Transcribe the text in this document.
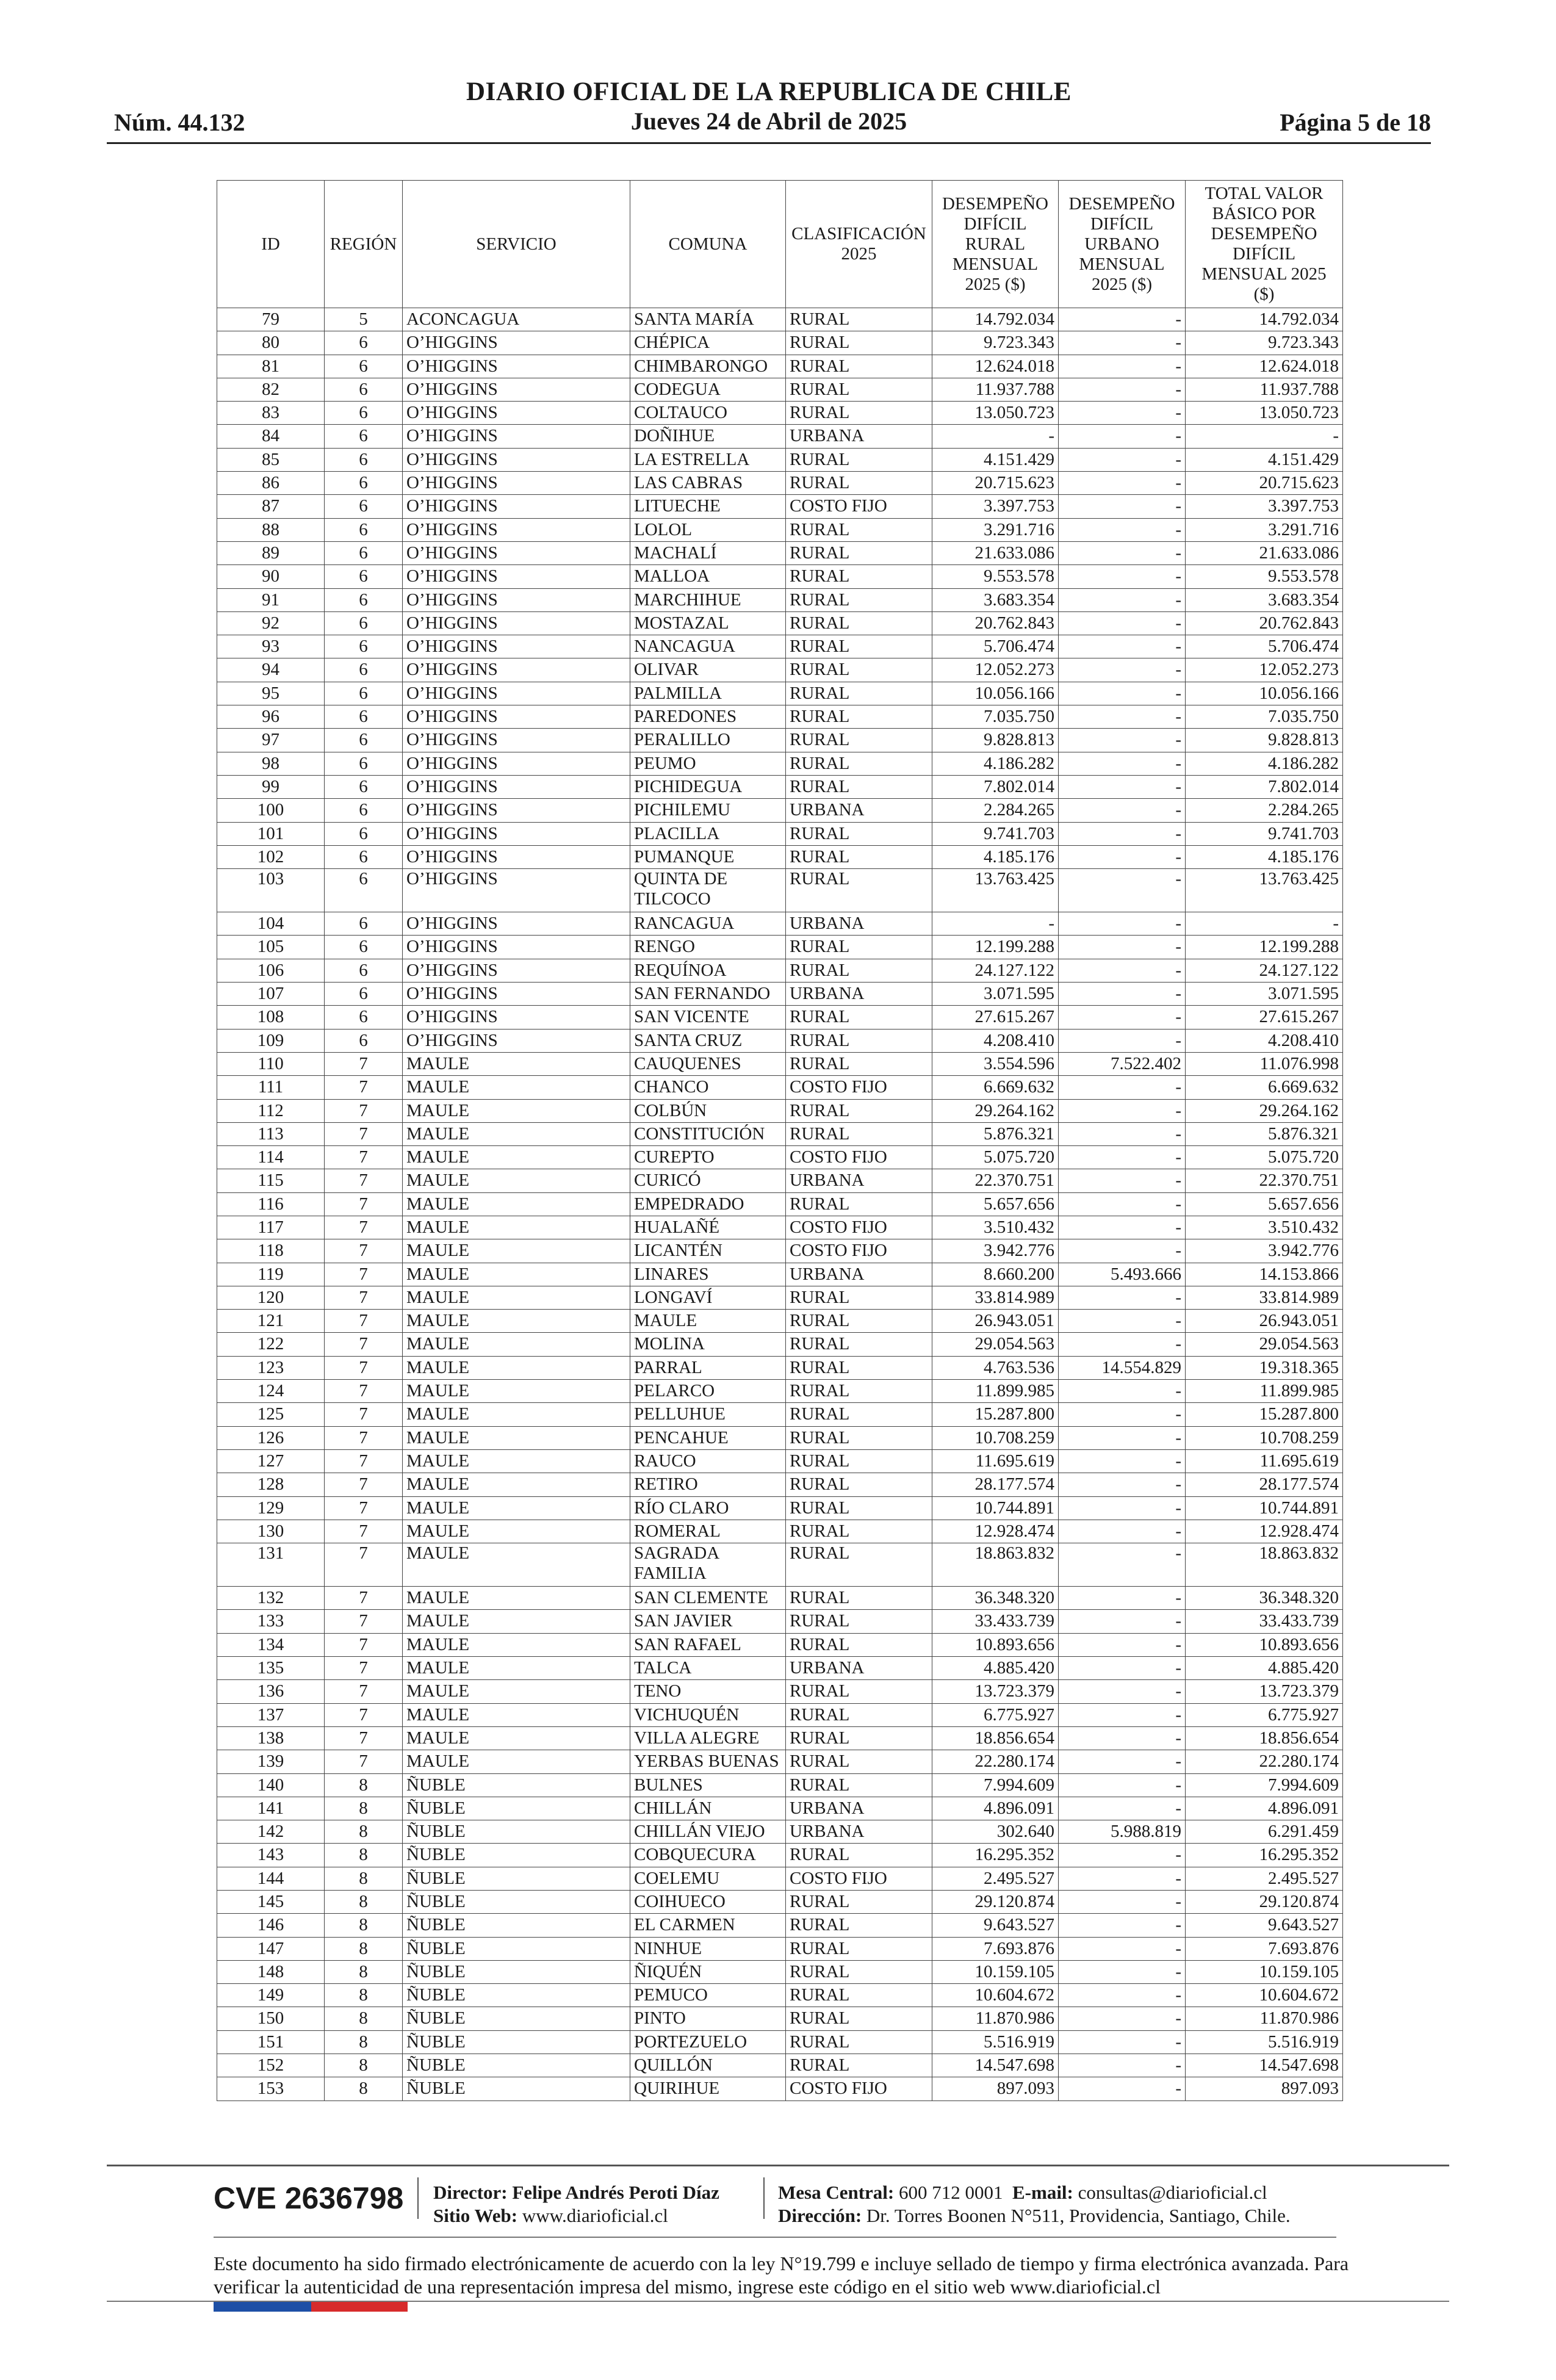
DIARIO OFICIAL DE LA REPUBLICA DE CHILE
Jueves 24 de Abril de 2025
Núm. 44.132	Página 5 de 18
ID	REGIÓN	SERVICIO	COMUNA	CLASIFICACIÓN 2025	DESEMPEÑO DIFÍCIL RURAL MENSUAL 2025 ($)	DESEMPEÑO DIFÍCIL URBANO MENSUAL 2025 ($)	TOTAL VALOR BÁSICO POR DESEMPEÑO DIFÍCIL MENSUAL 2025 ($)
79	5	ACONCAGUA	SANTA MARÍA	RURAL	14.792.034	-	14.792.034
80	6	O’HIGGINS	CHÉPICA	RURAL	9.723.343	-	9.723.343
81	6	O’HIGGINS	CHIMBARONGO	RURAL	12.624.018	-	12.624.018
82	6	O’HIGGINS	CODEGUA	RURAL	11.937.788	-	11.937.788
83	6	O’HIGGINS	COLTAUCO	RURAL	13.050.723	-	13.050.723
84	6	O’HIGGINS	DOÑIHUE	URBANA	-	-	-
85	6	O’HIGGINS	LA ESTRELLA	RURAL	4.151.429	-	4.151.429
86	6	O’HIGGINS	LAS CABRAS	RURAL	20.715.623	-	20.715.623
87	6	O’HIGGINS	LITUECHE	COSTO FIJO	3.397.753	-	3.397.753
88	6	O’HIGGINS	LOLOL	RURAL	3.291.716	-	3.291.716
89	6	O’HIGGINS	MACHALÍ	RURAL	21.633.086	-	21.633.086
90	6	O’HIGGINS	MALLOA	RURAL	9.553.578	-	9.553.578
91	6	O’HIGGINS	MARCHIHUE	RURAL	3.683.354	-	3.683.354
92	6	O’HIGGINS	MOSTAZAL	RURAL	20.762.843	-	20.762.843
93	6	O’HIGGINS	NANCAGUA	RURAL	5.706.474	-	5.706.474
94	6	O’HIGGINS	OLIVAR	RURAL	12.052.273	-	12.052.273
95	6	O’HIGGINS	PALMILLA	RURAL	10.056.166	-	10.056.166
96	6	O’HIGGINS	PAREDONES	RURAL	7.035.750	-	7.035.750
97	6	O’HIGGINS	PERALILLO	RURAL	9.828.813	-	9.828.813
98	6	O’HIGGINS	PEUMO	RURAL	4.186.282	-	4.186.282
99	6	O’HIGGINS	PICHIDEGUA	RURAL	7.802.014	-	7.802.014
100	6	O’HIGGINS	PICHILEMU	URBANA	2.284.265	-	2.284.265
101	6	O’HIGGINS	PLACILLA	RURAL	9.741.703	-	9.741.703
102	6	O’HIGGINS	PUMANQUE	RURAL	4.185.176	-	4.185.176
103	6	O’HIGGINS	QUINTA DE TILCOCO	RURAL	13.763.425	-	13.763.425
104	6	O’HIGGINS	RANCAGUA	URBANA	-	-	-
105	6	O’HIGGINS	RENGO	RURAL	12.199.288	-	12.199.288
106	6	O’HIGGINS	REQUÍNOA	RURAL	24.127.122	-	24.127.122
107	6	O’HIGGINS	SAN FERNANDO	URBANA	3.071.595	-	3.071.595
108	6	O’HIGGINS	SAN VICENTE	RURAL	27.615.267	-	27.615.267
109	6	O’HIGGINS	SANTA CRUZ	RURAL	4.208.410	-	4.208.410
110	7	MAULE	CAUQUENES	RURAL	3.554.596	7.522.402	11.076.998
111	7	MAULE	CHANCO	COSTO FIJO	6.669.632	-	6.669.632
112	7	MAULE	COLBÚN	RURAL	29.264.162	-	29.264.162
113	7	MAULE	CONSTITUCIÓN	RURAL	5.876.321	-	5.876.321
114	7	MAULE	CUREPTO	COSTO FIJO	5.075.720	-	5.075.720
115	7	MAULE	CURICÓ	URBANA	22.370.751	-	22.370.751
116	7	MAULE	EMPEDRADO	RURAL	5.657.656	-	5.657.656
117	7	MAULE	HUALAÑÉ	COSTO FIJO	3.510.432	-	3.510.432
118	7	MAULE	LICANTÉN	COSTO FIJO	3.942.776	-	3.942.776
119	7	MAULE	LINARES	URBANA	8.660.200	5.493.666	14.153.866
120	7	MAULE	LONGAVÍ	RURAL	33.814.989	-	33.814.989
121	7	MAULE	MAULE	RURAL	26.943.051	-	26.943.051
122	7	MAULE	MOLINA	RURAL	29.054.563	-	29.054.563
123	7	MAULE	PARRAL	RURAL	4.763.536	14.554.829	19.318.365
124	7	MAULE	PELARCO	RURAL	11.899.985	-	11.899.985
125	7	MAULE	PELLUHUE	RURAL	15.287.800	-	15.287.800
126	7	MAULE	PENCAHUE	RURAL	10.708.259	-	10.708.259
127	7	MAULE	RAUCO	RURAL	11.695.619	-	11.695.619
128	7	MAULE	RETIRO	RURAL	28.177.574	-	28.177.574
129	7	MAULE	RÍO CLARO	RURAL	10.744.891	-	10.744.891
130	7	MAULE	ROMERAL	RURAL	12.928.474	-	12.928.474
131	7	MAULE	SAGRADA FAMILIA	RURAL	18.863.832	-	18.863.832
132	7	MAULE	SAN CLEMENTE	RURAL	36.348.320	-	36.348.320
133	7	MAULE	SAN JAVIER	RURAL	33.433.739	-	33.433.739
134	7	MAULE	SAN RAFAEL	RURAL	10.893.656	-	10.893.656
135	7	MAULE	TALCA	URBANA	4.885.420	-	4.885.420
136	7	MAULE	TENO	RURAL	13.723.379	-	13.723.379
137	7	MAULE	VICHUQUÉN	RURAL	6.775.927	-	6.775.927
138	7	MAULE	VILLA ALEGRE	RURAL	18.856.654	-	18.856.654
139	7	MAULE	YERBAS BUENAS	RURAL	22.280.174	-	22.280.174
140	8	ÑUBLE	BULNES	RURAL	7.994.609	-	7.994.609
141	8	ÑUBLE	CHILLÁN	URBANA	4.896.091	-	4.896.091
142	8	ÑUBLE	CHILLÁN VIEJO	URBANA	302.640	5.988.819	6.291.459
143	8	ÑUBLE	COBQUECURA	RURAL	16.295.352	-	16.295.352
144	8	ÑUBLE	COELEMU	COSTO FIJO	2.495.527	-	2.495.527
145	8	ÑUBLE	COIHUECO	RURAL	29.120.874	-	29.120.874
146	8	ÑUBLE	EL CARMEN	RURAL	9.643.527	-	9.643.527
147	8	ÑUBLE	NINHUE	RURAL	7.693.876	-	7.693.876
148	8	ÑUBLE	ÑIQUÉN	RURAL	10.159.105	-	10.159.105
149	8	ÑUBLE	PEMUCO	RURAL	10.604.672	-	10.604.672
150	8	ÑUBLE	PINTO	RURAL	11.870.986	-	11.870.986
151	8	ÑUBLE	PORTEZUELO	RURAL	5.516.919	-	5.516.919
152	8	ÑUBLE	QUILLÓN	RURAL	14.547.698	-	14.547.698
153	8	ÑUBLE	QUIRIHUE	COSTO FIJO	897.093	-	897.093
CVE 2636798 Director: Felipe Andrés Peroti Díaz
Sitio Web: www.diarioficial.cl
Mesa Central: 600 712 0001 E-mail: consultas@diarioficial.cl
Dirección: Dr. Torres Boonen N°511, Providencia, Santiago, Chile.
Este documento ha sido firmado electrónicamente de acuerdo con la ley N°19.799 e incluye sellado de tiempo y firma electrónica avanzada. Para verificar la autenticidad de una representación impresa del mismo, ingrese este código en el sitio web www.diarioficial.cl
